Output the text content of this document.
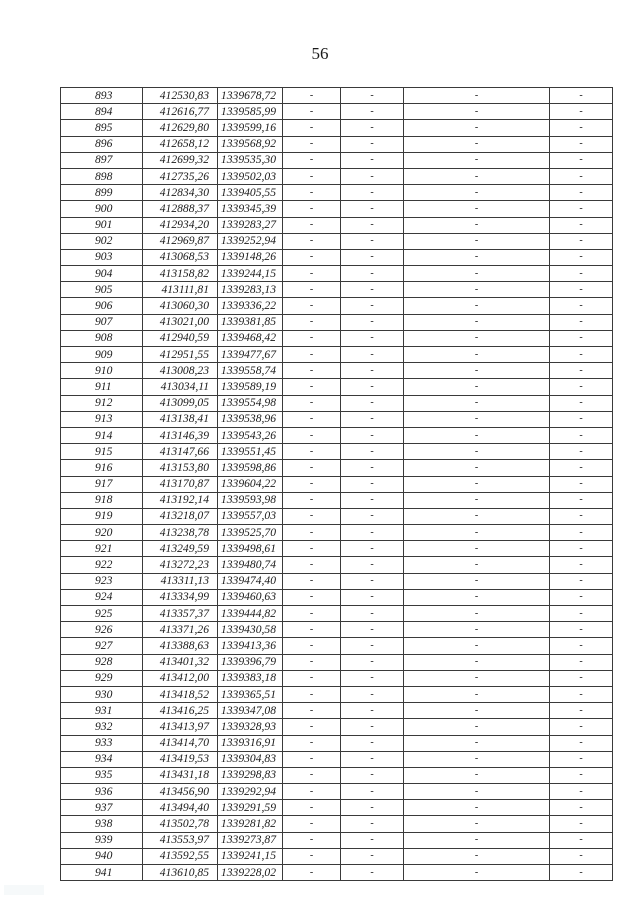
56
893	412530,83	1339678,72	-	-	-	-
894	412616,77	1339585,99	-	-	-	-
895	412629,80	1339599,16	-	-	-	-
896	412658,12	1339568,92	-	-	-	-
897	412699,32	1339535,30	-	-	-	-
898	412735,26	1339502,03	-	-	-	-
899	412834,30	1339405,55	-	-	-	-
900	412888,37	1339345,39	-	-	-	-
901	412934,20	1339283,27	-	-	-	-
902	412969,87	1339252,94	-	-	-	-
903	413068,53	1339148,26	-	-	-	-
904	413158,82	1339244,15	-	-	-	-
905	413111,81	1339283,13	-	-	-	-
906	413060,30	1339336,22	-	-	-	-
907	413021,00	1339381,85	-	-	-	-
908	412940,59	1339468,42	-	-	-	-
909	412951,55	1339477,67	-	-	-	-
910	413008,23	1339558,74	-	-	-	-
911	413034,11	1339589,19	-	-	-	-
912	413099,05	1339554,98	-	-	-	-
913	413138,41	1339538,96	-	-	-	-
914	413146,39	1339543,26	-	-	-	-
915	413147,66	1339551,45	-	-	-	-
916	413153,80	1339598,86	-	-	-	-
917	413170,87	1339604,22	-	-	-	-
918	413192,14	1339593,98	-	-	-	-
919	413218,07	1339557,03	-	-	-	-
920	413238,78	1339525,70	-	-	-	-
921	413249,59	1339498,61	-	-	-	-
922	413272,23	1339480,74	-	-	-	-
923	413311,13	1339474,40	-	-	-	-
924	413334,99	1339460,63	-	-	-	-
925	413357,37	1339444,82	-	-	-	-
926	413371,26	1339430,58	-	-	-	-
927	413388,63	1339413,36	-	-	-	-
928	413401,32	1339396,79	-	-	-	-
929	413412,00	1339383,18	-	-	-	-
930	413418,52	1339365,51	-	-	-	-
931	413416,25	1339347,08	-	-	-	-
932	413413,97	1339328,93	-	-	-	-
933	413414,70	1339316,91	-	-	-	-
934	413419,53	1339304,83	-	-	-	-
935	413431,18	1339298,83	-	-	-	-
936	413456,90	1339292,94	-	-	-	-
937	413494,40	1339291,59	-	-	-	-
938	413502,78	1339281,82	-	-	-	-
939	413553,97	1339273,87	-	-	-	-
940	413592,55	1339241,15	-	-	-	-
941	413610,85	1339228,02	-	-	-	-
